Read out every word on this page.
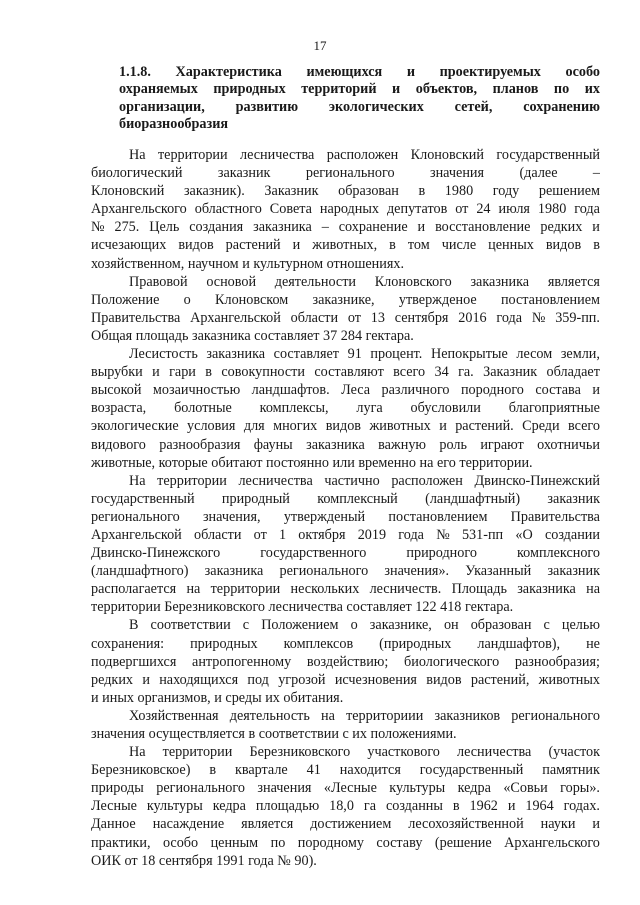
17
1.1.8. Характеристика имеющихся и проектируемых особо
охраняемых природных территорий и объектов, планов по их
организации, развитию экологических сетей, сохранению
биоразнообразия
На территории лесничества расположен Клоновский государственный
биологический заказник регионального значения (далее –
Клоновский заказник). Заказник образован в 1980 году решением
Архангельского областного Совета народных депутатов от 24 июля 1980 года
№ 275. Цель создания заказника – сохранение и восстановление редких и
исчезающих видов растений и животных, в том числе ценных видов в
хозяйственном, научном и культурном отношениях.
Правовой основой деятельности Клоновского заказника является
Положение о Клоновском заказнике, утвержденое постановлением
Правительства Архангельской области от 13 сентября 2016 года № 359-пп.
Общая площадь заказника составляет 37 284 гектара.
Лесистость заказника составляет 91 процент. Непокрытые лесом земли,
вырубки и гари в совокупности составляют всего 34 га. Заказник обладает
высокой мозаичностью ландшафтов. Леса различного породного состава и
возраста, болотные комплексы, луга обусловили благоприятные
экологические условия для многих видов животных и растений. Среди всего
видового разнообразия фауны заказника важную роль играют охотничьи
животные, которые обитают постоянно или временно на его территории.
На территории лесничества частично расположен Двинско-Пинежский
государственный природный комплексный (ландшафтный) заказник
регионального значения, утвержденый постановлением Правительства
Архангельской области от 1 октября 2019 года № 531-пп «О создании
Двинско-Пинежского	государственного	природного	комплексного
(ландшафтного) заказника регионального значения». Указанный заказник
располагается на территории нескольких лесничеств. Площадь заказника на
территории Березниковского лесничества составляет 122 418 гектара.
В соответствии с Положением о заказнике, он образован с целью
сохранения: природных комплексов (природных ландшафтов), не
подвергшихся антропогенному воздействию; биологического разнообразия;
редких и находящихся под угрозой исчезновения видов растений, животных
и иных организмов, и среды их обитания.
Хозяйственная деятельность на территориии заказников регионального
значения осуществляется в соответствии с их положениями.
На территории Березниковского участкового лесничества (участок
Березниковское) в квартале 41 находится государственный памятник
природы регионального значения «Лесные культуры кедра «Совьи горы».
Лесные культуры кедра площадью 18,0 га созданны в 1962 и 1964 годах.
Данное насаждение является достижением лесохозяйственной науки и
практики, особо ценным по породному составу (решение Архангельского
ОИК от 18 сентября 1991 года № 90).
